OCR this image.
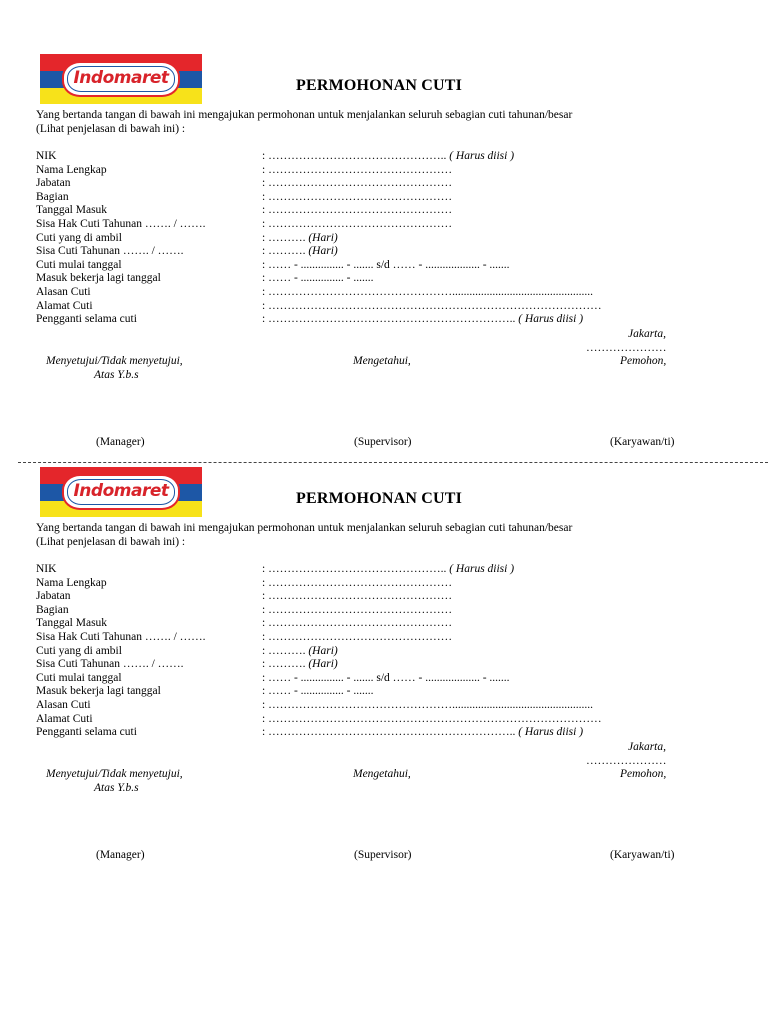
Indomaret	PERMOHONAN CUTI
Yang bertanda tangan di bawah ini mengajukan permohonan untuk menjalankan seluruh sebagian cuti tahunan/besar
(Lihat penjelasan di bawah ini) :
NIK	: ……………………………………….. ( Harus diisi )
Nama Lengkap	: …………………………………………
Jabatan	: …………………………………………
Bagian	: …………………………………………
Tanggal Masuk	: …………………………………………
Sisa Hak Cuti Tahunan ……. / …….	: …………………………………………
Cuti yang di ambil	: ………. (Hari)
Sisa Cuti Tahunan ……. / …….	: ………. (Hari)
Cuti mulai tanggal	: …… - ............... - ....... s/d …… - ................... - .......
Masuk bekerja lagi tanggal	: …… - ............... - .......
Alasan Cuti	: ………………………………………….................................................
Alamat Cuti	: ……………………………………………………………………………
Pengganti selama cuti	: ……………………………………………………….. ( Harus diisi )
Jakarta,
…………………
Menyetujui/Tidak menyetujui,
Atas Y.b.s
Mengetahui,	Pemohon,
(Manager)	(Supervisor)	(Karyawan/ti)
Indomaret	PERMOHONAN CUTI
Yang bertanda tangan di bawah ini mengajukan permohonan untuk menjalankan seluruh sebagian cuti tahunan/besar
(Lihat penjelasan di bawah ini) :
NIK	: ……………………………………….. ( Harus diisi )
Nama Lengkap	: …………………………………………
Jabatan	: …………………………………………
Bagian	: …………………………………………
Tanggal Masuk	: …………………………………………
Sisa Hak Cuti Tahunan ……. / …….	: …………………………………………
Cuti yang di ambil	: ………. (Hari)
Sisa Cuti Tahunan ……. / …….	: ………. (Hari)
Cuti mulai tanggal	: …… - ............... - ....... s/d …… - ................... - .......
Masuk bekerja lagi tanggal	: …… - ............... - .......
Alasan Cuti	: ………………………………………….................................................
Alamat Cuti	: ……………………………………………………………………………
Pengganti selama cuti	: ……………………………………………………….. ( Harus diisi )
Jakarta,
…………………
Menyetujui/Tidak menyetujui,
Atas Y.b.s
Mengetahui,	Pemohon,
(Manager)	(Supervisor)	(Karyawan/ti)
